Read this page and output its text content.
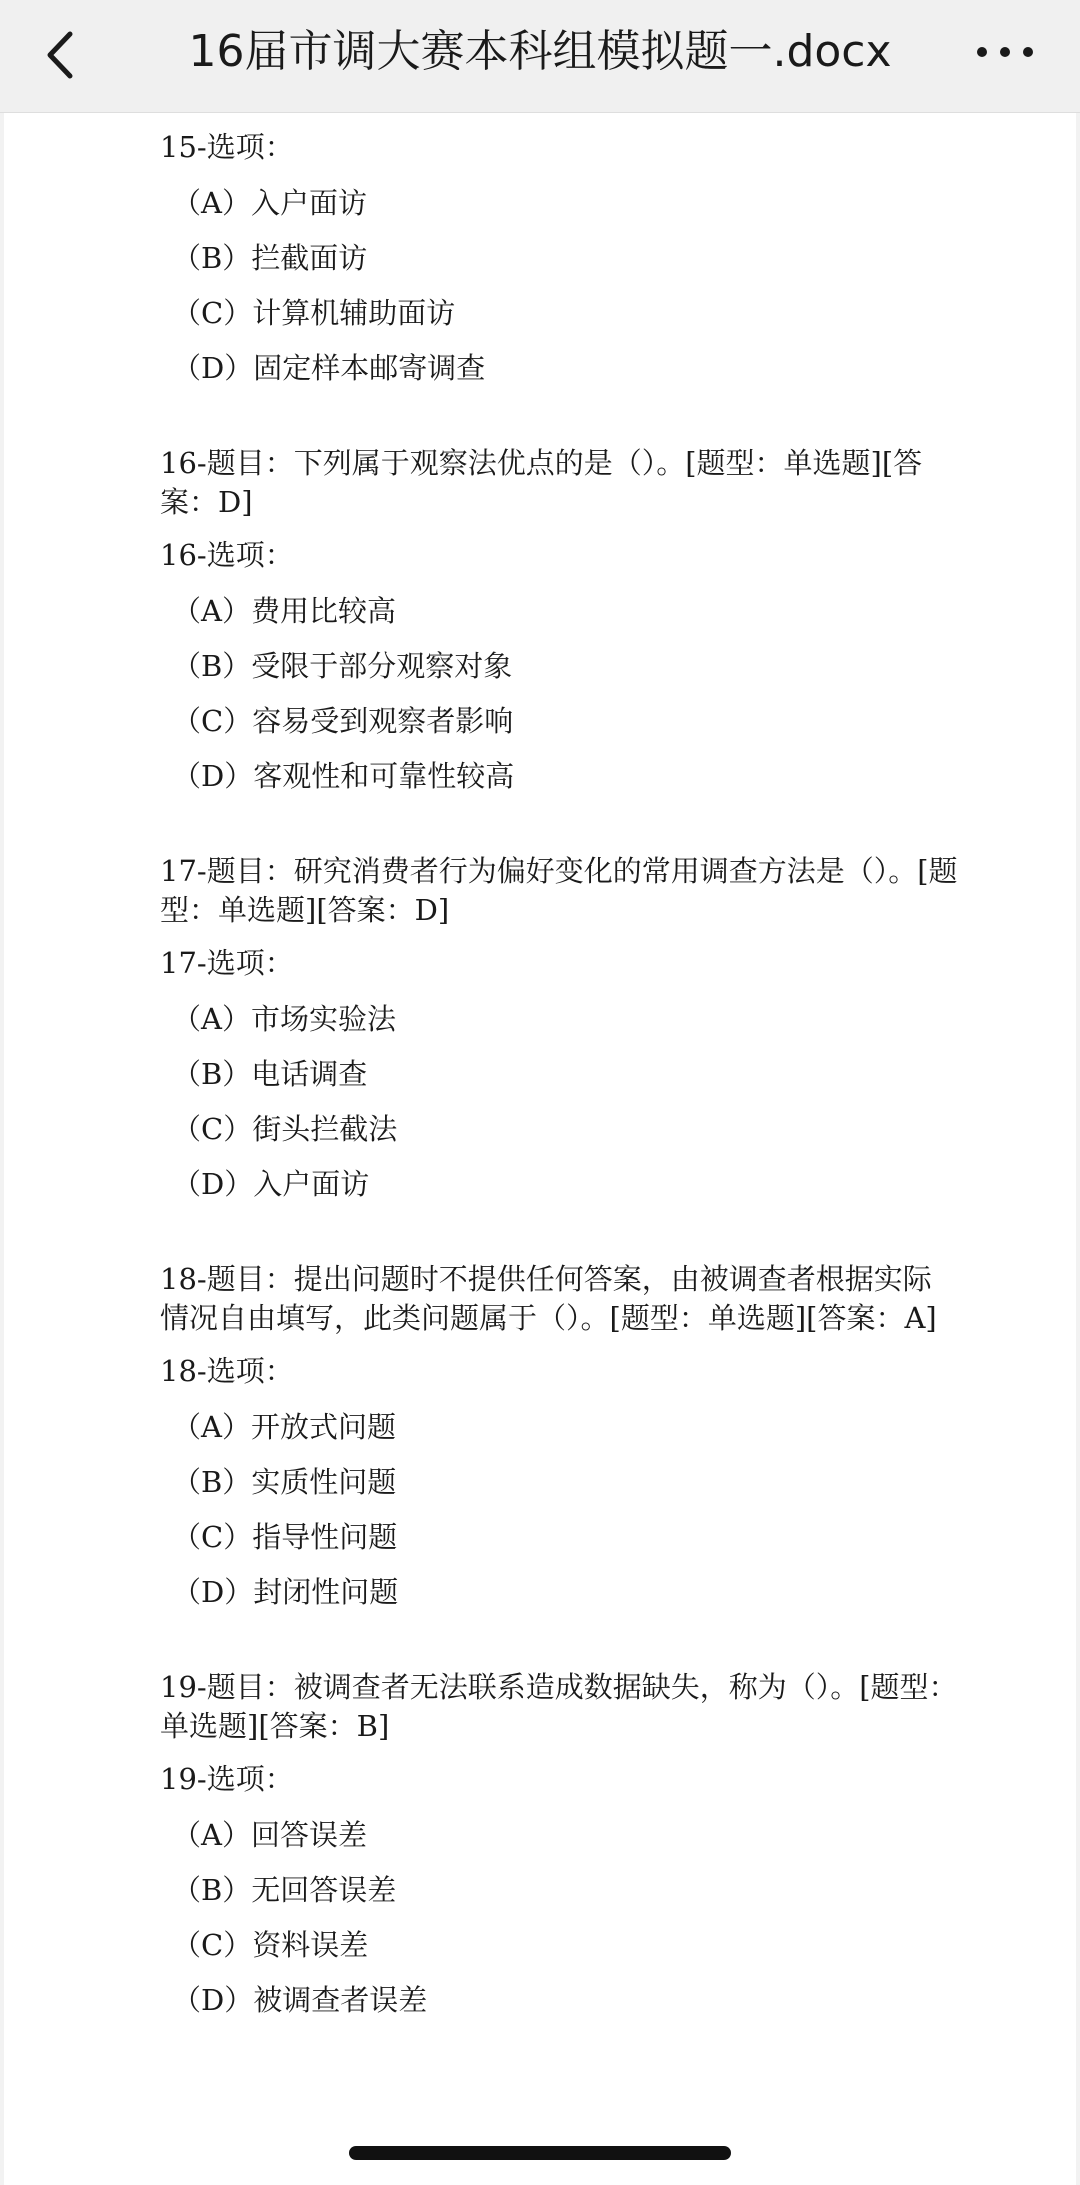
15-选项：
（A）入户面访
（B）拦截面访
（C）计算机辅助面访
（D）固定样本邮寄调查

16-题目：下列属于观察法优点的是（）。[题型：单选题][答案：D]

16-选项：
（A）费用比较高
（B）受限于部分观察对象
（C）容易受到观察者影响
（D）客观性和可靠性较高

17-题目：研究消费者行为偏好变化的常用调查方法是（）。[题型：单选题][答案：D]

17-选项：
（A）市场实验法
（B）电话调查
（C）街头拦截法
（D）入户面访

18-题目：提出问题时不提供任何答案，由被调查者根据实际情况自由填写，此类问题属于（）。[题型：单选题][答案：A]

18-选项：
（A）开放式问题
（B）实质性问题
（C）指导性问题
（D）封闭性问题

19-题目：被调查者无法联系造成数据缺失，称为（）。[题型：单选题][答案：B]

19-选项：
（A）回答误差
（B）无回答误差
（C）资料误差
（D）被调查者误差
16届市调大赛本科组模拟题一.docx
